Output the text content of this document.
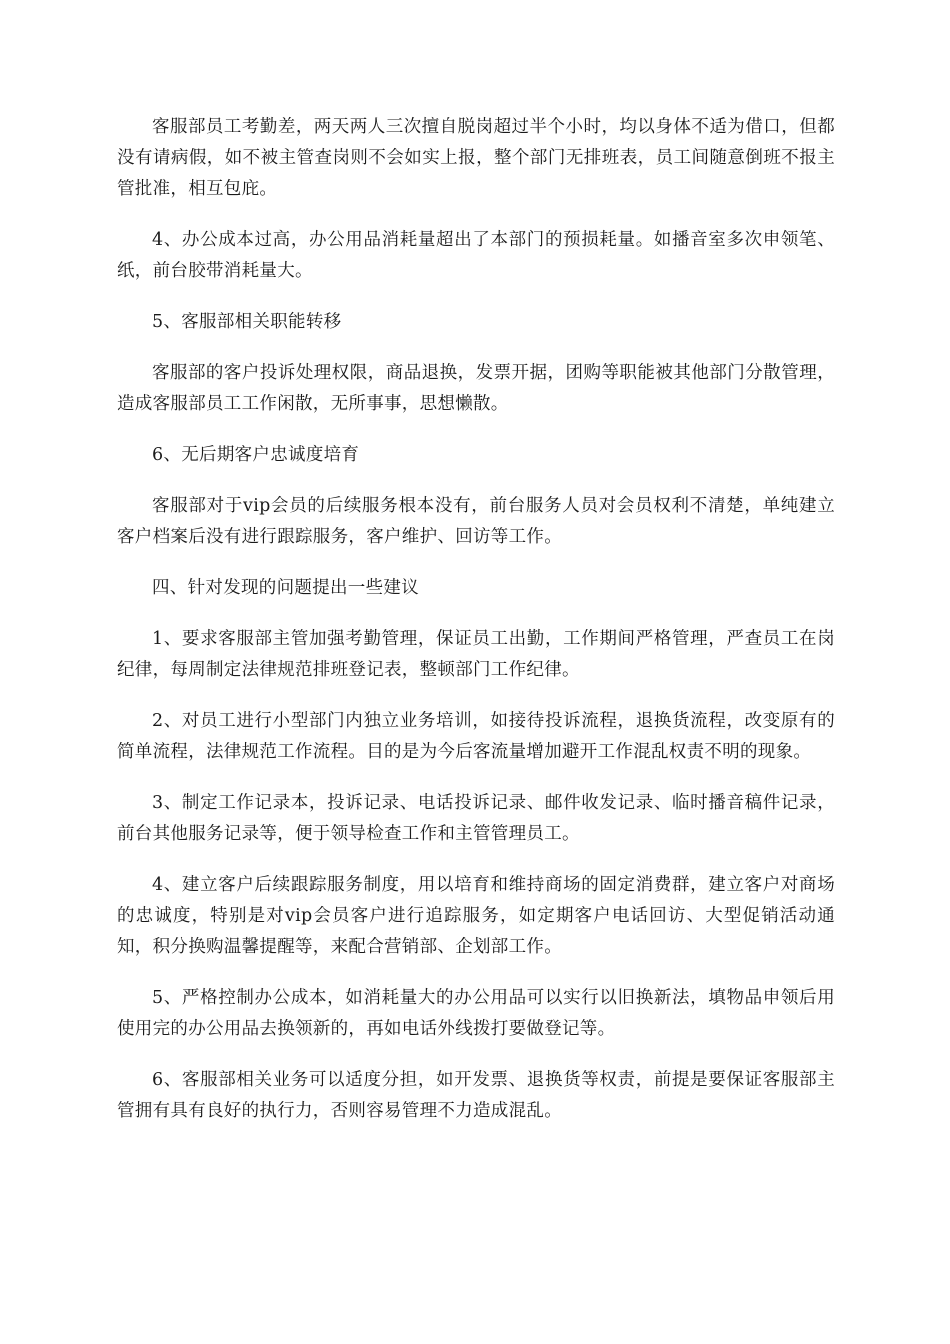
客服部员工考勤差，两天两人三次擅自脱岗超过半个小时，均以身体不适为借口，但都没有请病假，如不被主管查岗则不会如实上报，整个部门无排班表，员工间随意倒班不报主管批准，相互包庇。

4、办公成本过高，办公用品消耗量超出了本部门的预损耗量。如播音室多次申领笔、纸，前台胶带消耗量大。

5、客服部相关职能转移

客服部的客户投诉处理权限，商品退换，发票开据，团购等职能被其他部门分散管理，造成客服部员工工作闲散，无所事事，思想懒散。

6、无后期客户忠诚度培育

客服部对于vip会员的后续服务根本没有，前台服务人员对会员权利不清楚，单纯建立客户档案后没有进行跟踪服务，客户维护、回访等工作。

四、针对发现的问题提出一些建议

1、要求客服部主管加强考勤管理，保证员工出勤，工作期间严格管理，严查员工在岗纪律，每周制定法律规范排班登记表，整顿部门工作纪律。

2、对员工进行小型部门内独立业务培训，如接待投诉流程，退换货流程，改变原有的简单流程，法律规范工作流程。目的是为今后客流量增加避开工作混乱权责不明的现象。

3、制定工作记录本，投诉记录、电话投诉记录、邮件收发记录、临时播音稿件记录，前台其他服务记录等，便于领导检查工作和主管管理员工。

4、建立客户后续跟踪服务制度，用以培育和维持商场的固定消费群，建立客户对商场的忠诚度，特别是对vip会员客户进行追踪服务，如定期客户电话回访、大型促销活动通知，积分换购温馨提醒等，来配合营销部、企划部工作。

5、严格控制办公成本，如消耗量大的办公用品可以实行以旧换新法，填物品申领后用使用完的办公用品去换领新的，再如电话外线拨打要做登记等。

6、客服部相关业务可以适度分担，如开发票、退换货等权责，前提是要保证客服部主管拥有具有良好的执行力，否则容易管理不力造成混乱。
